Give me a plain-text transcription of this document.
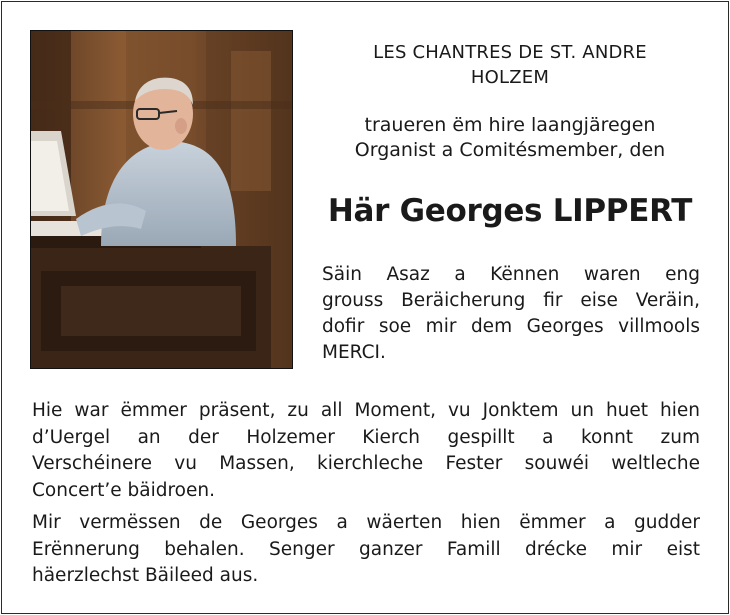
LES CHANTRES DE ST. ANDRE
HOLZEM
traueren ëm hire laangjäregen
Organist a Comitésmember, den
Här Georges LIPPERT

Säin Asaz a Kënnen waren eng
grouss Beräicherung fir eise Veräin,
dofir soe mir dem Georges villmools
MERCI.

Hie war ëmmer präsent, zu all Moment, vu Jonktem un huet hien
d’Uergel an der Holzemer Kierch gespillt a konnt zum
Verschéinere vu Massen, kierchleche Fester souwéi weltleche
Concert’e bäidroen.

Mir vermëssen de Georges a wäerten hien ëmmer a gudder
Erënnerung behalen. Senger ganzer Famill drécke mir eist
häerzlechst Bäileed aus.
